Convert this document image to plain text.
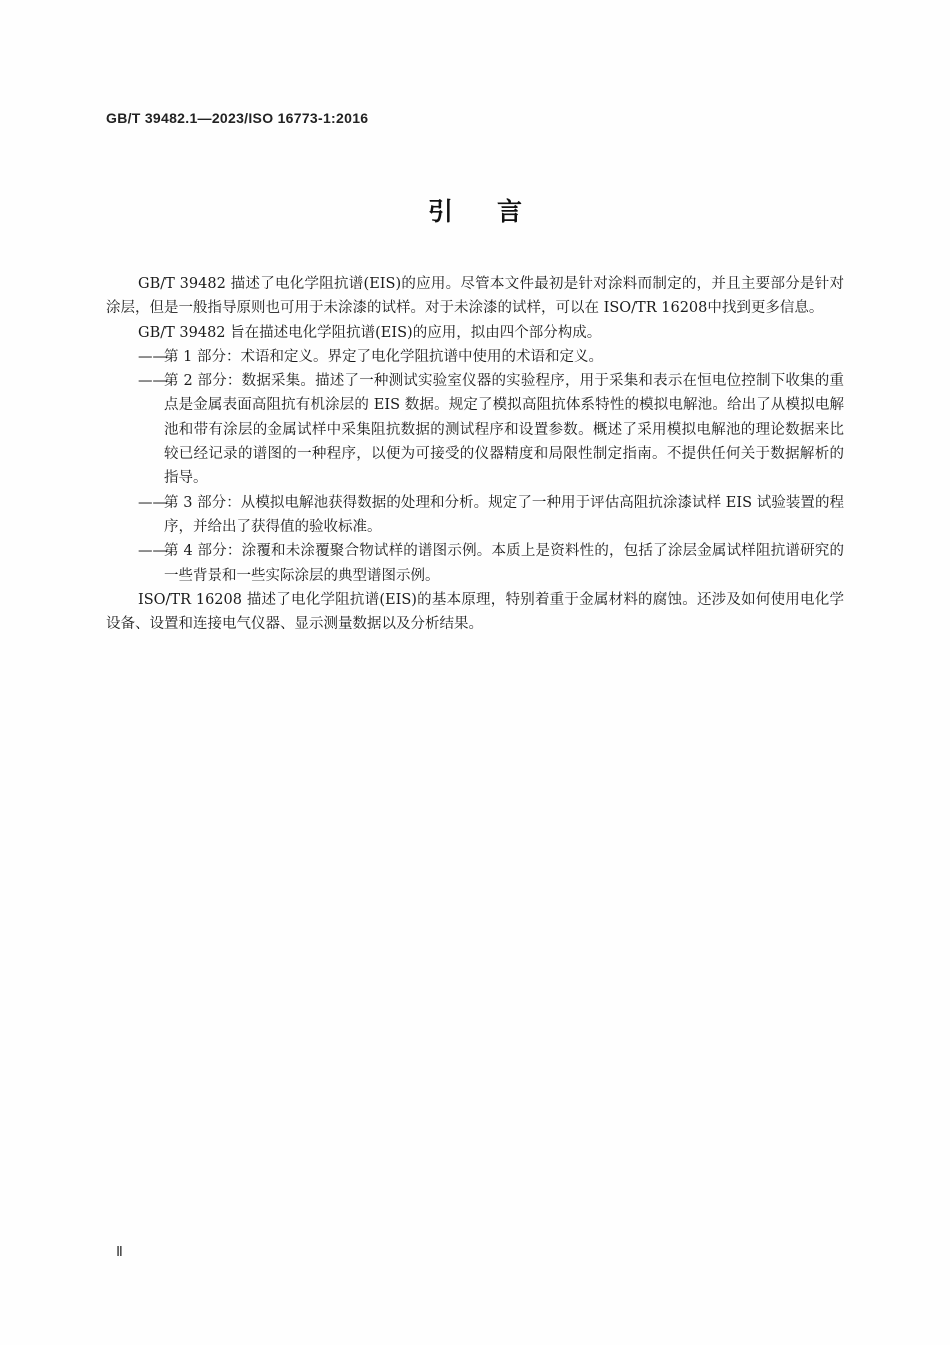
GB/T 39482.1—2023/ISO 16773-1:2016
引言

GB/T 39482 描述了电化学阻抗谱(EIS)的应用。尽管本文件最初是针对涂料而制定的，并且主要部分是针对涂层，但是一般指导原则也可用于未涂漆的试样。对于未涂漆的试样，可以在 ISO/TR 16208中找到更多信息。

GB/T 39482 旨在描述电化学阻抗谱(EIS)的应用，拟由四个部分构成。

——
第 1 部分：术语和定义。界定了电化学阻抗谱中使用的术语和定义。

——
第 2 部分：数据采集。描述了一种测试实验室仪器的实验程序，用于采集和表示在恒电位控制下收集的重点是金属表面高阻抗有机涂层的 EIS 数据。规定了模拟高阻抗体系特性的模拟电解池。给出了从模拟电解池和带有涂层的金属试样中采集阻抗数据的测试程序和设置参数。概述了采用模拟电解池的理论数据来比较已经记录的谱图的一种程序，以便为可接受的仪器精度和局限性制定指南。不提供任何关于数据解析的指导。

——
第 3 部分：从模拟电解池获得数据的处理和分析。规定了一种用于评估高阻抗涂漆试样 EIS 试验装置的程序，并给出了获得值的验收标准。

——
第 4 部分：涂覆和未涂覆聚合物试样的谱图示例。本质上是资料性的，包括了涂层金属试样阻抗谱研究的一些背景和一些实际涂层的典型谱图示例。

ISO/TR 16208 描述了电化学阻抗谱(EIS)的基本原理，特别着重于金属材料的腐蚀。还涉及如何使用电化学设备、设置和连接电气仪器、显示测量数据以及分析结果。

Ⅱ
